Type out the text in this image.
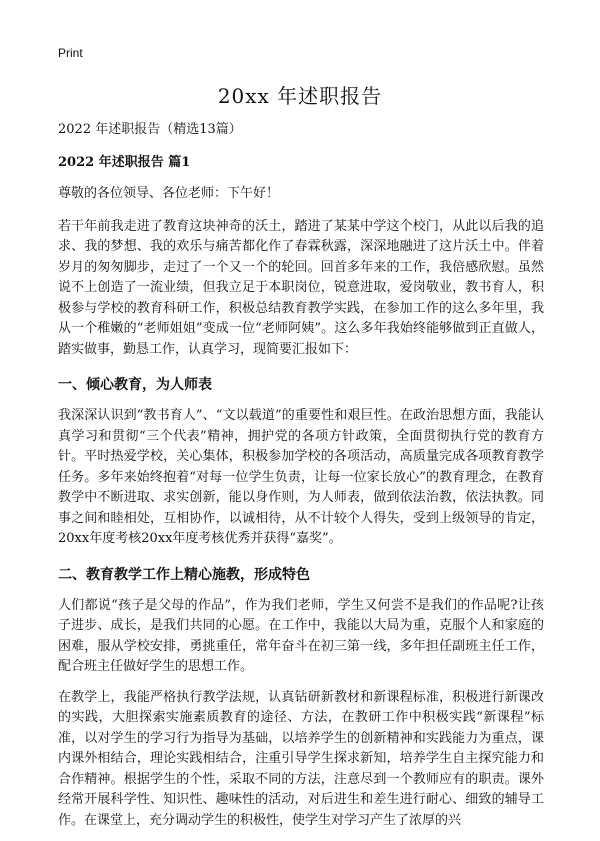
Print
20xx 年述职报告
2022 年述职报告（精选13篇）
2022 年述职报告 篇1

尊敬的各位领导、各位老师：下午好！

若干年前我走进了教育这块神奇的沃土，踏进了某某中学这个校门，从此以后我的追求、我的梦想、我的欢乐与痛苦都化作了春霖秋露，深深地融进了这片沃土中。伴着岁月的匆匆脚步，走过了一个又一个的轮回。回首多年来的工作，我倍感欣慰。虽然说不上创造了一流业绩，但我立足于本职岗位，锐意进取，爱岗敬业，教书育人，积极参与学校的教育科研工作，积极总结教育教学实践，在参加工作的这么多年里，我从一个稚嫩的“老师姐姐”变成一位“老师阿姨”。这么多年我始终能够做到正直做人，踏实做事，勤恳工作，认真学习，现简要汇报如下：

一、倾心教育，为人师表

我深深认识到“教书育人”、“文以载道”的重要性和艰巨性。在政治思想方面，我能认真学习和贯彻“三个代表”精神，拥护党的各项方针政策，全面贯彻执行党的教育方针。平时热爱学校，关心集体，积极参加学校的各项活动，高质量完成各项教育教学任务。多年来始终抱着“对每一位学生负责，让每一位家长放心”的教育理念，在教育教学中不断进取、求实创新，能以身作则，为人师表，做到依法治教，依法执教。同事之间和睦相处，互相协作，以诚相待，从不计较个人得失，受到上级领导的肯定，20xx年度考核20xx年度考核优秀并获得“嘉奖”。

二、教育教学工作上精心施教，形成特色

人们都说“孩子是父母的作品”，作为我们老师，学生又何尝不是我们的作品呢?让孩子进步、成长，是我们共同的心愿。在工作中，我能以大局为重，克服个人和家庭的困难，服从学校安排，勇挑重任，常年奋斗在初三第一线，多年担任副班主任工作，配合班主任做好学生的思想工作。

在教学上，我能严格执行教学法规，认真钻研新教材和新课程标准，积极进行新课改的实践，大胆探索实施素质教育的途径、方法，在教研工作中积极实践“新课程”标准，以对学生的学习行为指导为基础，以培养学生的创新精神和实践能力为重点，课内课外相结合，理论实践相结合，注重引导学生探求新知，培养学生自主探究能力和合作精神。根据学生的个性，采取不同的方法，注意尽到一个教师应有的职责。课外经常开展科学性、知识性、趣味性的活动，对后进生和差生进行耐心、细致的辅导工作。在课堂上，充分调动学生的积极性，使学生对学习产生了浓厚的兴
